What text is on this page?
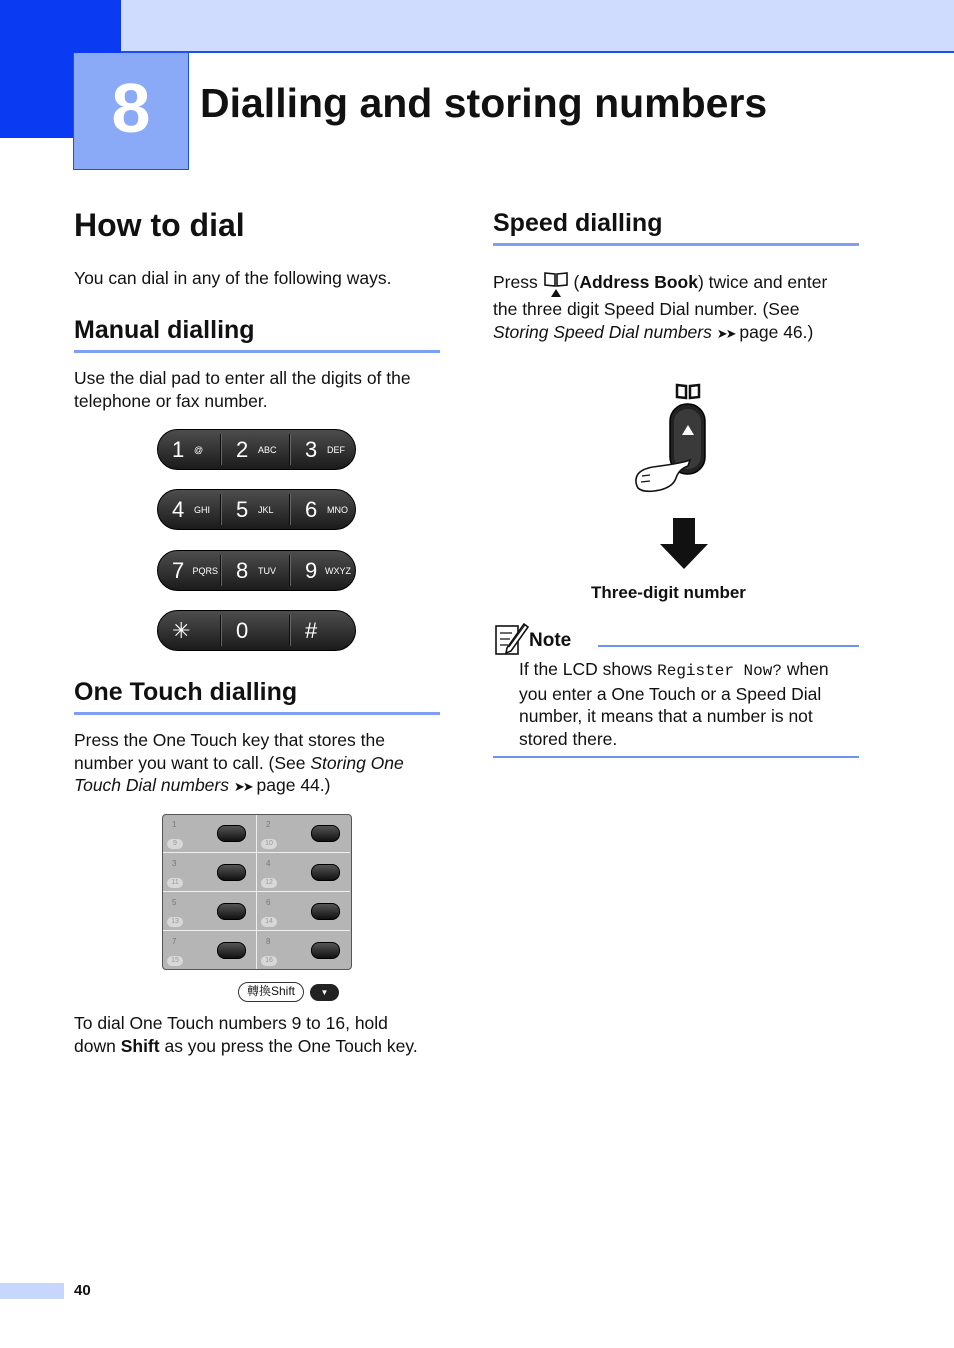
8	Dialling and storing numbers
How to dial
You can dial in any of the following ways.
Manual dialling
Use the dial pad to enter all the digits of the
telephone or fax number.
1	@ 2	ABC 3	DEF
4	GHI 5	JKL 6	MNO
7 PQRS 8	TUV 9 WXYZ
✳ 0	#
One Touch dialling
Press the One Touch key that stores the
number you want to call. (See Storing One
Touch Dial numbers ➤➤ page 44.)
1
9
2
10
3
11
4
12
5
13
6
14
7
15
8
16
轉換Shift	▼
To dial One Touch numbers 9 to 16, hold
down Shift as you press the One Touch key.
Speed dialling
Press  (Address Book) twice and enter
the three digit Speed Dial number. (See
Storing Speed Dial numbers ➤➤ page 46.)
Three-digit number
Note
If the LCD shows Register Now? when
you enter a One Touch or a Speed Dial
number, it means that a number is not
stored there.
40
